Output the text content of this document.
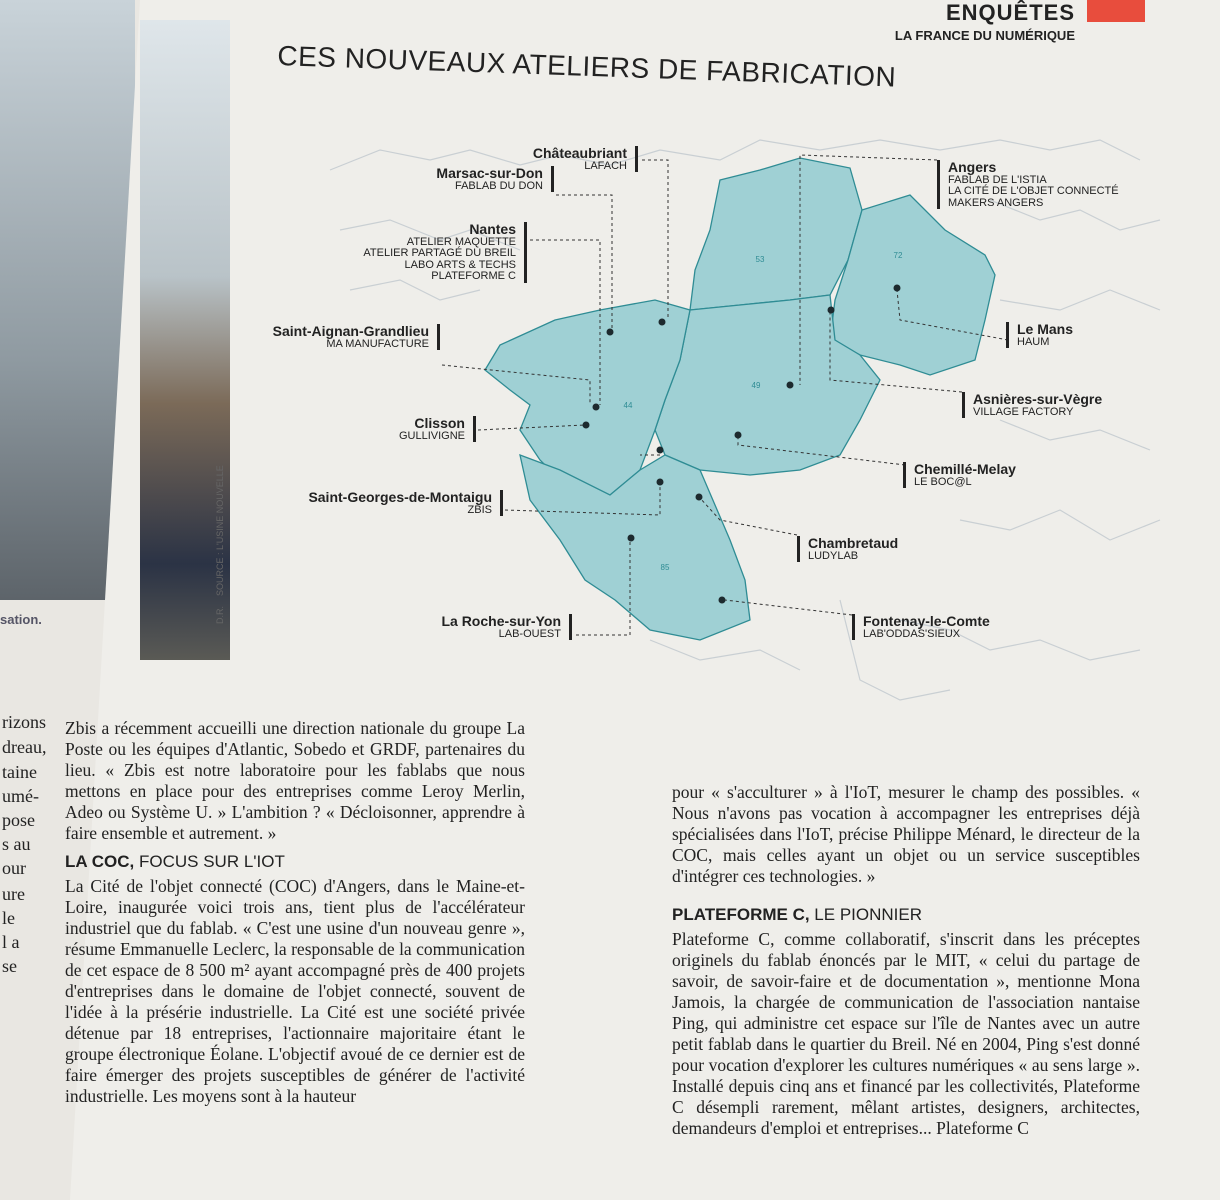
sation.
rizons
dreau,
taine
umé-
pose
s au
our
ure
le
l a
se
D.R.
SOURCE : L'USINE NOUVELLE
ENQUÊTES
LA FRANCE DU NUMÉRIQUE
CES NOUVEAUX ATELIERS DE FABRICATION
53	72
49
44
85
Châteaubriant
LAFACH
Marsac-sur-Don
FABLAB DU DON
Nantes
ATELIER MAQUETTE
ATELIER PARTAGÉ DU BREIL
LABO ARTS & TECHS
PLATEFORME C
Saint-Aignan-Grandlieu
MA MANUFACTURE
Clisson
GULLIVIGNE
Saint-Georges-de-Montaigu
ZBIS
La Roche-sur-Yon
LAB-OUEST
Angers
FABLAB DE L'ISTIA
LA CITÉ DE L'OBJET CONNECTÉ
MAKERS ANGERS
Le Mans
HAUM
Asnières-sur-Vègre
VILLAGE FACTORY
Chemillé-Melay
LE BOC@L
Chambretaud
LUDYLAB
Fontenay-le-Comte
LAB'ODDAS'SIEUX

Zbis a récemment accueilli une direction nationale du groupe La Poste ou les équipes d'Atlantic, Sobedo et GRDF, partenaires du lieu. « Zbis est notre laboratoire pour les fablabs que nous mettons en place pour des entreprises comme Leroy Merlin, Adeo ou Système U. » L'ambition ? « Décloisonner, apprendre à faire ensemble et autrement. »

LA COC, FOCUS SUR L'IOT

La Cité de l'objet connecté (COC) d'Angers, dans le Maine-et-Loire, inaugurée voici trois ans, tient plus de l'accélérateur industriel que du fablab. « C'est une usine d'un nouveau genre », résume Emmanuelle Leclerc, la responsable de la communication de cet espace de 8 500 m² ayant accompagné près de 400 projets d'entreprises dans le domaine de l'objet connecté, souvent de l'idée à la présérie industrielle. La Cité est une société privée détenue par 18 entreprises, l'actionnaire majoritaire étant le groupe électronique Éolane. L'objectif avoué de ce dernier est de faire émerger des projets susceptibles de générer de l'activité industrielle. Les moyens sont à la hauteur

pour « s'acculturer » à l'IoT, mesurer le champ des possibles. « Nous n'avons pas vocation à accompagner les entreprises déjà spécialisées dans l'IoT, précise Philippe Ménard, le directeur de la COC, mais celles ayant un objet ou un service susceptibles d'intégrer ces technologies. »

PLATEFORME C, LE PIONNIER

Plateforme C, comme collaboratif, s'inscrit dans les préceptes originels du fablab énoncés par le MIT, « celui du partage de savoir, de savoir-faire et de documentation », mentionne Mona Jamois, la chargée de communication de l'association nantaise Ping, qui administre cet espace sur l'île de Nantes avec un autre petit fablab dans le quartier du Breil. Né en 2004, Ping s'est donné pour vocation d'explorer les cultures numériques « au sens large ». Installé depuis cinq ans et financé par les collectivités, Plateforme C désempli rarement, mêlant artistes, designers, architectes, demandeurs d'emploi et entreprises... Plateforme C
